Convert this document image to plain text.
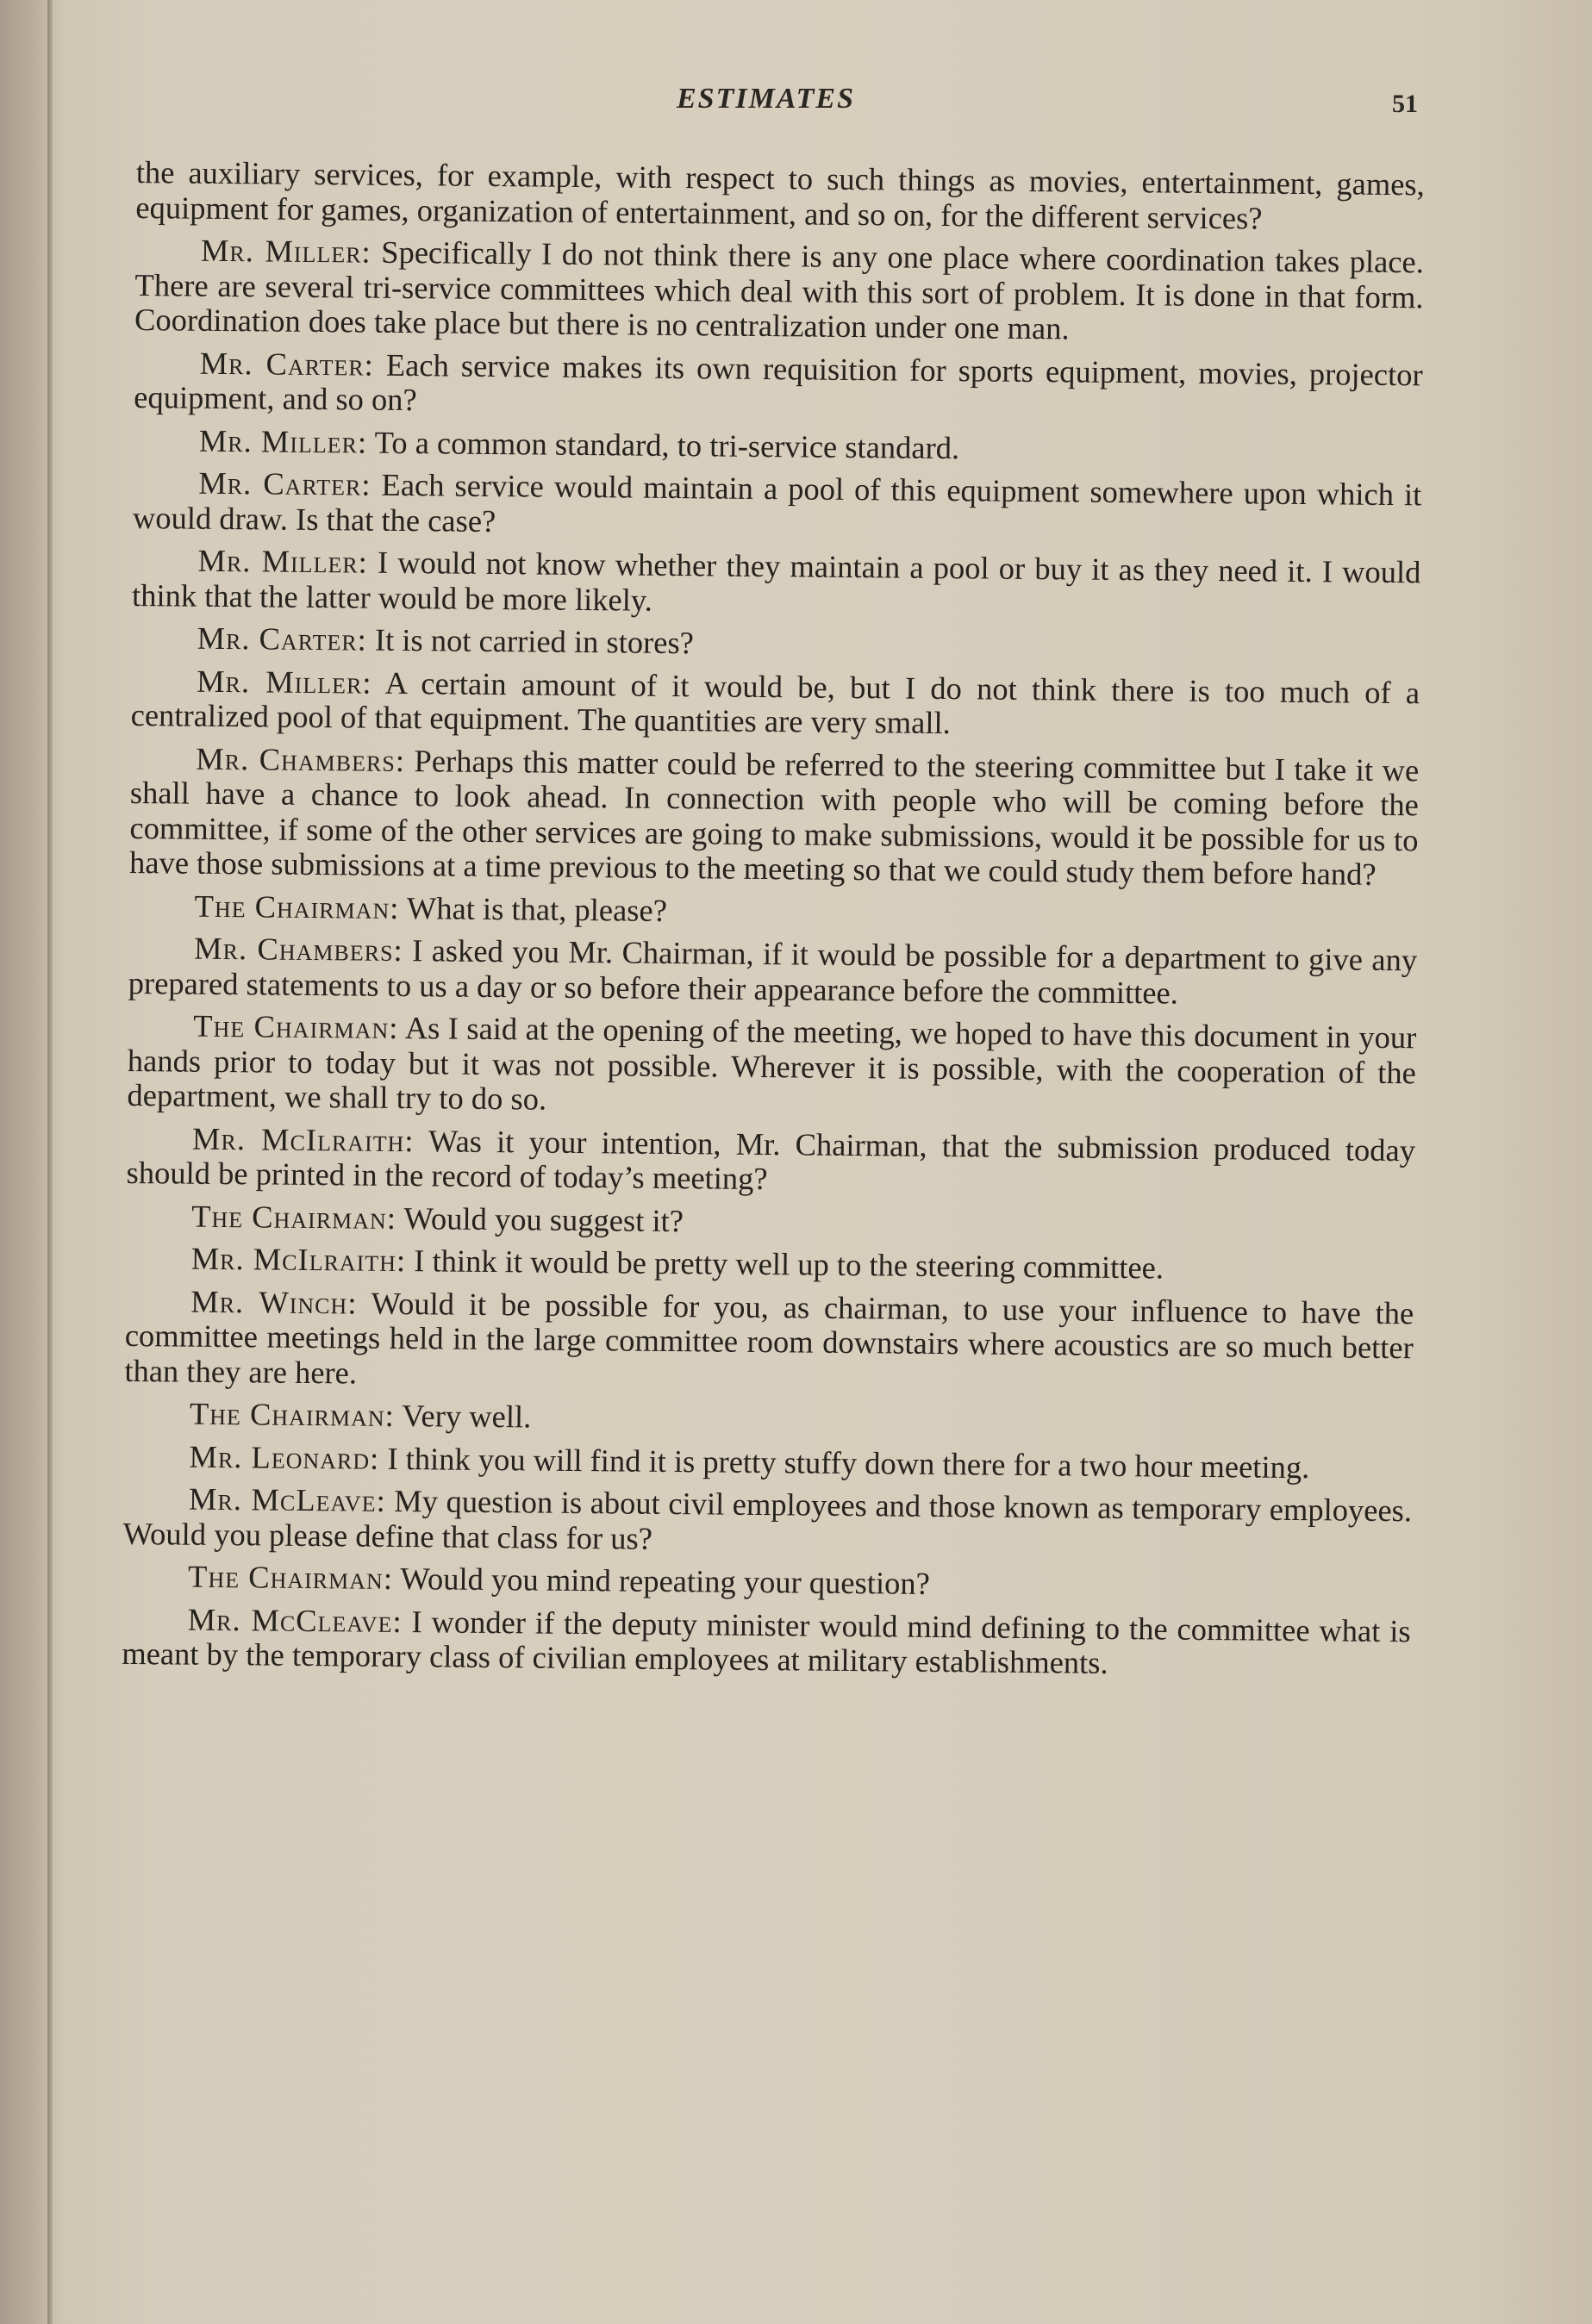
ESTIMATES	51

the auxiliary services, for example, with respect to such things as movies, entertainment, games, equipment for games, organization of entertainment, and so on, for the different services?

Mr. Miller: Specifically I do not think there is any one place where coordination takes place. There are several tri-service committees which deal with this sort of problem. It is done in that form. Coordination does take place but there is no centralization under one man.

Mr. Carter: Each service makes its own requisition for sports equipment, movies, projector equipment, and so on?

Mr. Miller: To a common standard, to tri-service standard.

Mr. Carter: Each service would maintain a pool of this equipment somewhere upon which it would draw. Is that the case?

Mr. Miller: I would not know whether they maintain a pool or buy it as they need it. I would think that the latter would be more likely.

Mr. Carter: It is not carried in stores?

Mr. Miller: A certain amount of it would be, but I do not think there is too much of a centralized pool of that equipment. The quantities are very small.

Mr. Chambers: Perhaps this matter could be referred to the steering committee but I take it we shall have a chance to look ahead. In connection with people who will be coming before the committee, if some of the other services are going to make submissions, would it be possible for us to have those submissions at a time previous to the meeting so that we could study them before hand?

The Chairman: What is that, please?

Mr. Chambers: I asked you Mr. Chairman, if it would be possible for a department to give any prepared statements to us a day or so before their appearance before the committee.

The Chairman: As I said at the opening of the meeting, we hoped to have this document in your hands prior to today but it was not possible. Wherever it is possible, with the cooperation of the department, we shall try to do so.

Mr. McIlraith: Was it your intention, Mr. Chairman, that the submission produced today should be printed in the record of today’s meeting?

The Chairman: Would you suggest it?

Mr. McIlraith: I think it would be pretty well up to the steering committee.

Mr. Winch: Would it be possible for you, as chairman, to use your influence to have the committee meetings held in the large committee room downstairs where acoustics are so much better than they are here.

The Chairman: Very well.

Mr. Leonard: I think you will find it is pretty stuffy down there for a two hour meeting.

Mr. McLeave: My question is about civil employees and those known as temporary employees. Would you please define that class for us?

The Chairman: Would you mind repeating your question?

Mr. McCleave: I wonder if the deputy minister would mind defining to the committee what is meant by the temporary class of civilian employees at military establishments.
